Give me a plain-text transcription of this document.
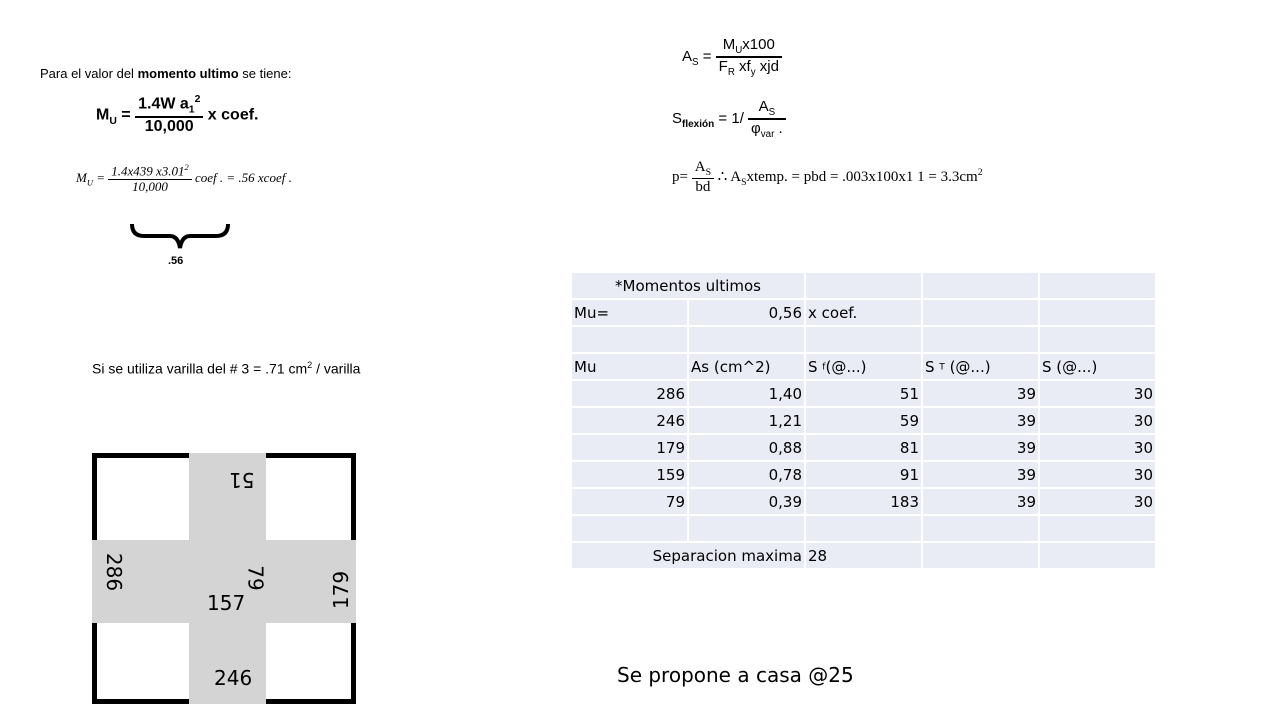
Para el valor del momento ultimo se tiene:
$M_U = \frac{1.4W a_1^2}{10,000}$ x coef.
$M_U = \frac{1.4x439 x3.01^2}{10,000}$ coef . = .56 xcoef .
.56
$A_S = \frac{M_Ux100}{F_R xf_y xjd}$
$S_{flexión} = 1/ \frac{A_S}{\varphi_{var} .}$
$p= \frac{A_S}{bd}$ ∴ $A_Sxtemp$. = pbd = .003x100x1 $1 = 3.3cm^2$
Si se utiliza varilla del # 3 = .71 $cm^2$ / varilla
*Momentos ultimos				
Mu=	0,56	x coef.		

Mu	As (cm^2)	S f(@...)	S T (@...)	S (@...)
286	1,40	51	39	30
246	1,21	59	39	30
179	0,88	81	39	30
159	0,78	91	39	30
79	0,39	183	39	30

Separacion maxima		28		
51
286	79
157	179
246	Se propone a casa @25
